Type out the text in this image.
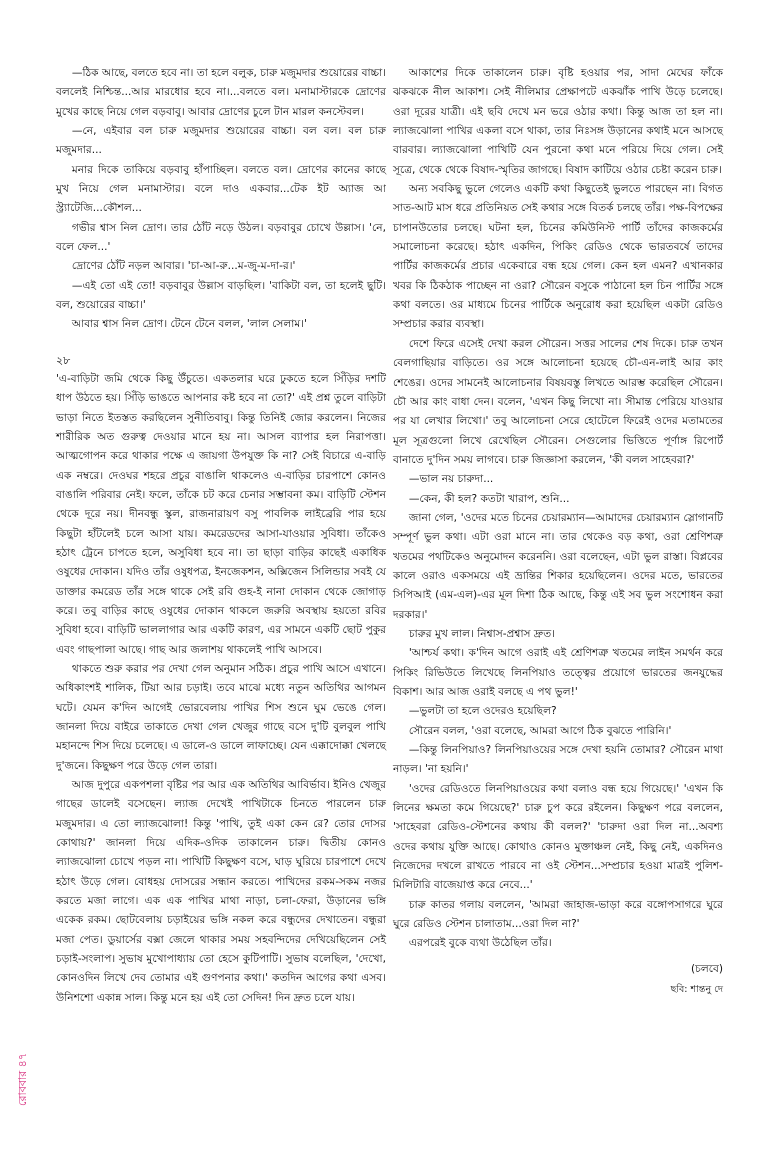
—ঠিক আছে, বলতে হবে না। তা হলে বলুক, চারু মজুমদার শুয়োরের বাচ্চা। বললেই নিশ্চিন্ত...আর মারধোর হবে না।...বলতে বল। মনামাস্টারকে দ্রোণের মুখের কাছে নিয়ে গেল বড়বাবু। আবার দ্রোণের চুলে টান মারল কনস্টেবল।

—নে, এইবার বল চারু মজুমদার শুয়োরের বাচ্চা। বল বল। বল চারু মজুমদার...

মনার দিকে তাকিয়ে বড়বাবু হাঁপাচ্ছিল। বলতে বল। দ্রোণের কানের কাছে মুখ নিয়ে গেল মনামাস্টার। বলে দাও একবার...টেক ইট অ্যাজ আ স্ট্র্যাটেজি...কৌশল...

গভীর শ্বাস নিল দ্রোণ। তার ঠোঁট নড়ে উঠল। বড়বাবুর চোখে উল্লাস। 'নে, বলে ফেল...'

দ্রোণের ঠোঁট নড়ল আবার। 'চা-আ-রু...ম-জু-ম-দা-র।'

—এই তো এই তো! বড়বাবুর উল্লাস বাড়ছিল। 'বাকিটা বল, তা হলেই ছুটি। বল, শুয়োরের বাচ্চা।'

আবার শ্বাস নিল দ্রোণ। টেনে টেনে বলল, 'লাল সেলাম।'

২৮

'এ-বাড়িটা জমি থেকে কিছু উঁচুতে। একতলার ঘরে ঢুকতে হলে সিঁড়ির দশটি ধাপ উঠতে হয়। সিঁড়ি ভাঙতে আপনার কষ্ট হবে না তো?' এই প্রশ্ন তুলে বাড়িটা ভাড়া নিতে ইতস্তত করছিলেন সুনীতিবাবু। কিন্তু তিনিই জোর করলেন। নিজের শারীরিক অত গুরুত্ব দেওয়ার মানে হয় না। আসল ব্যাপার হল নিরাপত্তা। আত্মগোপন করে থাকার পক্ষে এ জায়গা উপযুক্ত কি না? সেই বিচারে এ-বাড়ি এক নম্বরে। দেওঘর শহরে প্রচুর বাঙালি থাকলেও এ-বাড়ির চারপাশে কোনও বাঙালি পরিবার নেই। ফলে, তাঁকে চট করে চেনার সম্ভাবনা কম। বাড়িটি স্টেশন থেকে দূরে নয়। দীনবন্ধু স্কুল, রাজনারায়ণ বসু পাবলিক লাইব্রেরি পার হয়ে কিছুটা হাঁটলেই চলে আসা যায়। কমরেডদের আসা-যাওয়ার সুবিধা। তাঁকেও হঠাৎ ট্রেনে চাপতে হলে, অসুবিধা হবে না। তা ছাড়া বাড়ির কাছেই একাধিক ওষুধের দোকান। যদিও তাঁর ওষুধপত্র, ইনজেকশন, অক্সিজেন সিলিন্ডার সবই যে ডাক্তার কমরেড তাঁর সঙ্গে থাকে সেই রবি গুহ-ই নানা দোকান থেকে জোগাড় করে। তবু বাড়ির কাছে ওষুধের দোকান থাকলে জরুরি অবস্থায় হয়তো রবির সুবিধা হবে। বাড়িটি ভাললাগার আর একটি কারণ, এর সামনে একটি ছোট পুকুর এবং গাছপালা আছে। গাছ আর জলাশয় থাকলেই পাখি আসবে।

থাকতে শুরু করার পর দেখা গেল অনুমান সঠিক। প্রচুর পাখি আসে এখানে। অধিকাংশই শালিক, টিয়া আর চড়াই। তবে মাঝে মধ্যে নতুন অতিথির আগমন ঘটে। যেমন ক'দিন আগেই ভোরবেলায় পাখির শিস শুনে ঘুম ভেঙে গেল। জানলা দিয়ে বাইরে তাকাতে দেখা গেল খেজুর গাছে বসে দু'টি বুলবুল পাখি মহানন্দে শিস দিয়ে চলেছে। এ ডালে-ও ডালে লাফাচ্ছে। যেন এক্কাদোক্কা খেলছে দু'জনে। কিছুক্ষণ পরে উড়ে গেল তারা।

আজ দুপুরে একপশলা বৃষ্টির পর আর এক অতিথির আবির্ভাব। ইনিও খেজুর গাছের ডালেই বসেছেন। ল্যাজ দেখেই পাখিটাকে চিনতে পারলেন চারু মজুমদার। এ তো ল্যাজঝোলা! কিন্তু 'পাখি, তুই একা কেন রে? তোর দোসর কোথায়?' জানলা দিয়ে এদিক-ওদিক তাকালেন চারু। দ্বিতীয় কোনও ল্যাজঝোলা চোখে পড়ল না। পাখিটি কিছুক্ষণ বসে, ঘাড় ঘুরিয়ে চারপাশে দেখে হঠাৎ উড়ে গেল। বোধহয় দোসরের সন্ধান করতে। পাখিদের রকম-সকম নজর করতে মজা লাগে। এক এক পাখির মাথা নাড়া, চলা-ফেরা, উড়ানের ভঙ্গি একেক রকম। ছোটবেলায় চড়াইয়ের ভঙ্গি নকল করে বন্ধুদের দেখাতেন। বন্ধুরা মজা পেত। ডুয়ার্সের বক্সা জেলে থাকার সময় সহবন্দিদের দেখিয়েছিলেন সেই চড়াই-সংলাপ। সুভাষ মুখোপাধ্যায় তো হেসে কুটিপাটি। সুভাষ বলেছিল, 'দেখো, কোনওদিন লিখে দেব তোমার এই গুণপনার কথা।' কতদিন আগের কথা এসব। উনিশশো একান্ন সাল। কিন্তু মনে হয় এই তো সেদিন! দিন দ্রুত চলে যায়।

আকাশের দিকে তাকালেন চারু। বৃষ্টি হওয়ার পর, সাদা মেঘের ফাঁকে ঝকঝকে নীল আকাশ। সেই নীলিমার প্রেক্ষাপটে একঝাঁক পাখি উড়ে চলেছে। ওরা দূরের যাত্রী। এই ছবি দেখে মন ভরে ওঠার কথা। কিন্তু আজ তা হল না। ল্যাজঝোলা পাখির একলা বসে থাকা, তার নিঃসঙ্গ উড়ানের কথাই মনে আসছে বারবার। ল্যাজঝোলা পাখিটি যেন পুরনো কথা মনে পরিয়ে দিয়ে গেল। সেই সূত্রে, থেকে থেকে বিষাদ-স্মৃতির জাগছে। বিষাদ কাটিয়ে ওঠার চেষ্টা করেন চারু।

অন্য সবকিছু ভুলে গেলেও একটি কথা কিছুতেই ভুলতে পারছেন না। বিগত সাত-আট মাস ধরে প্রতিনিয়ত সেই কথার সঙ্গে বিতর্ক চলছে তাঁর। পক্ষ-বিপক্ষের চাপানউতোর চলছে। ঘটনা হল, চিনের কমিউনিস্ট পার্টি তাঁদের কাজকর্মের সমালোচনা করেছে। হঠাৎ একদিন, পিকিং রেডিও থেকে ভারতবর্ষে তাদের পার্টির কাজকর্মের প্রচার একেবারে বন্ধ হয়ে গেল। কেন হল এমন? এখানকার খবর কি ঠিকঠাক পাচ্ছেন না ওরা? সৌরেন বসুকে পাঠানো হল চিন পার্টির সঙ্গে কথা বলতে। ওর মাধ্যমে চিনের পার্টিকে অনুরোধ করা হয়েছিল একটা রেডিও সম্প্রচার করার ব্যবস্থা।

দেশে ফিরে এসেই দেখা করল সৌরেন। সত্তর সালের শেষ দিকে। চারু তখন বেলগাছিয়ার বাড়িতে। ওর সঙ্গে আলোচনা হয়েছে চৌ-এন-লাই আর কাং শেঙের। ওদের সামনেই আলোচনার বিষয়বস্তু লিখতে আরম্ভ করেছিল সৌরেন। চৌ আর কাং বাধা দেন। বলেন, 'এখন কিছু লিখো না। সীমান্ত পেরিয়ে যাওয়ার পর যা লেখার লিখো।' তবু আলোচনা সেরে হোটেলে ফিরেই ওদের মতামতের মূল সূত্রগুলো লিখে রেখেছিল সৌরেন। সেগুলোর ভিত্তিতে পূর্ণাঙ্গ রিপোর্ট বানাতে দু'দিন সময় লাগবে। চারু জিজ্ঞাসা করলেন, 'কী বলল সাহেবরা?'

—ভাল নয় চারুদা...

—কেন, কী হল? কতটা খারাপ, শুনি...

জানা গেল, 'ওদের মতে চিনের চেয়ারম্যান—আমাদের চেয়ারম্যান স্লোগানটি সম্পূর্ণ ভুল কথা। এটা ওরা মানে না। তার থেকেও বড় কথা, ওরা শ্রেণিশত্রু খতমের পথটিকেও অনুমোদন করেননি। ওরা বলেছেন, এটা ভুল রাস্তা। বিপ্লবের কালে ওরাও একসময়ে এই ভ্রান্তির শিকার হয়েছিলেন। ওদের মতে, ভারতের সিপিআই (এম-এল)-এর মূল দিশা ঠিক আছে, কিন্তু এই সব ভুল সংশোধন করা দরকার।'

চারুর মুখ লাল। নিশ্বাস-প্রশ্বাস দ্রুত।

'আশ্চর্য কথা। ক'দিন আগে ওরাই এই শ্রেণিশত্রু খতমের লাইন সমর্থন করে পিকিং রিভিউতে লিখেছে লিনপিয়াও তত্ত্বের প্রয়োগে ভারতের জনযুদ্ধের বিকাশ। আর আজ ওরাই বলছে এ পথ ভুল!'

—ভুলটা তা হলে ওদেরও হয়েছিল?

সৌরেন বলল, 'ওরা বলেছে, আমরা আগে ঠিক বুঝতে পারিনি।'

—কিন্তু লিনপিয়াও? লিনপিয়াওয়ের সঙ্গে দেখা হয়নি তোমার? সৌরেন মাথা নাড়ল। 'না হয়নি।'

'ওদের রেডিওতে লিনপিয়াওয়ের কথা বলাও বন্ধ হয়ে গিয়েছে।' 'এখন কি লিনের ক্ষমতা কমে গিয়েছে?' চারু চুপ করে রইলেন। কিছুক্ষণ পরে বললেন, 'সাহেবরা রেডিও-স্টেশনের কথায় কী বলল?' 'চারুদা ওরা দিল না...অবশ্য ওদের কথায় যুক্তি আছে। কোথাও কোনও মুক্তাঞ্চল নেই, কিছু নেই, একদিনও নিজেদের দখলে রাখতে পারবে না ওই স্টেশন...সম্প্রচার হওয়া মাত্রই পুলিশ-মিলিটারি বাজেয়াপ্ত করে নেবে...'

চারু কাতর গলায় বললেন, 'আমরা জাহাজ-ভাড়া করে বঙ্গোপসাগরে ঘুরে ঘুরে রেডিও স্টেশন চালাতাম...ওরা দিল না?'

এরপরেই বুকে ব্যথা উঠেছিল তাঁর।

(চলবে)
ছবি: শান্তনু দে
রোববার ৪৭
